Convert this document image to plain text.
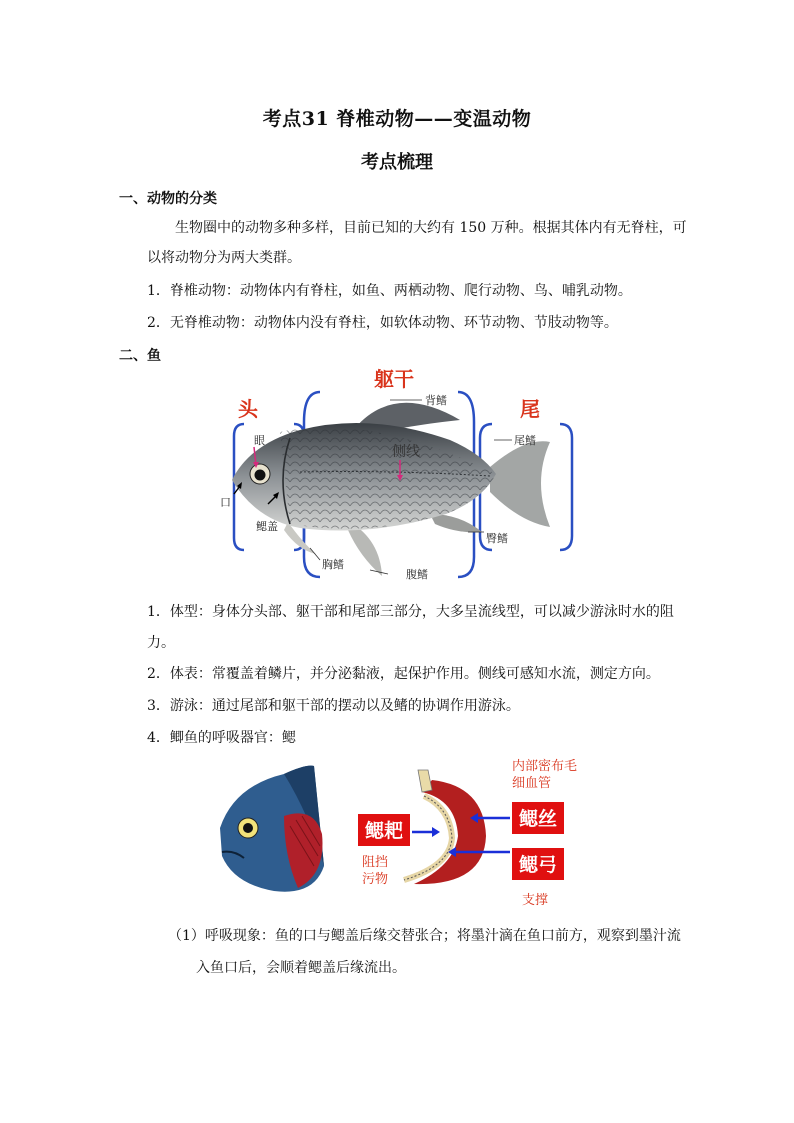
考点31 脊椎动物——变温动物
考点梳理
一、动物的分类
生物圈中的动物多种多样，目前已知的大约有 150 万种。根据其体内有无脊柱，可
以将动物分为两大类群。
1．脊椎动物：动物体内有脊柱，如鱼、两栖动物、爬行动物、鸟、哺乳动物。
2．无脊椎动物：动物体内没有脊柱，如软体动物、环节动物、节肢动物等。
二、鱼
头
躯干
尾
眼
口
鳃盖
背鳍
侧线
尾鳍
臀鳍
胸鳍
腹鳍
1．体型：身体分头部、躯干部和尾部三部分，大多呈流线型，可以减少游泳时水的阻
力。
2．体表：常覆盖着鳞片，并分泌黏液，起保护作用。侧线可感知水流，测定方向。
3．游泳：通过尾部和躯干部的摆动以及鳍的协调作用游泳。
4．鲫鱼的呼吸器官：鳃
鳃耙
鳃丝
鳃弓
内部密布毛
细血管
阻挡
污物
支撑
（1）呼吸现象：鱼的口与鳃盖后缘交替张合；将墨汁滴在鱼口前方，观察到墨汁流
入鱼口后，会顺着鳃盖后缘流出。
